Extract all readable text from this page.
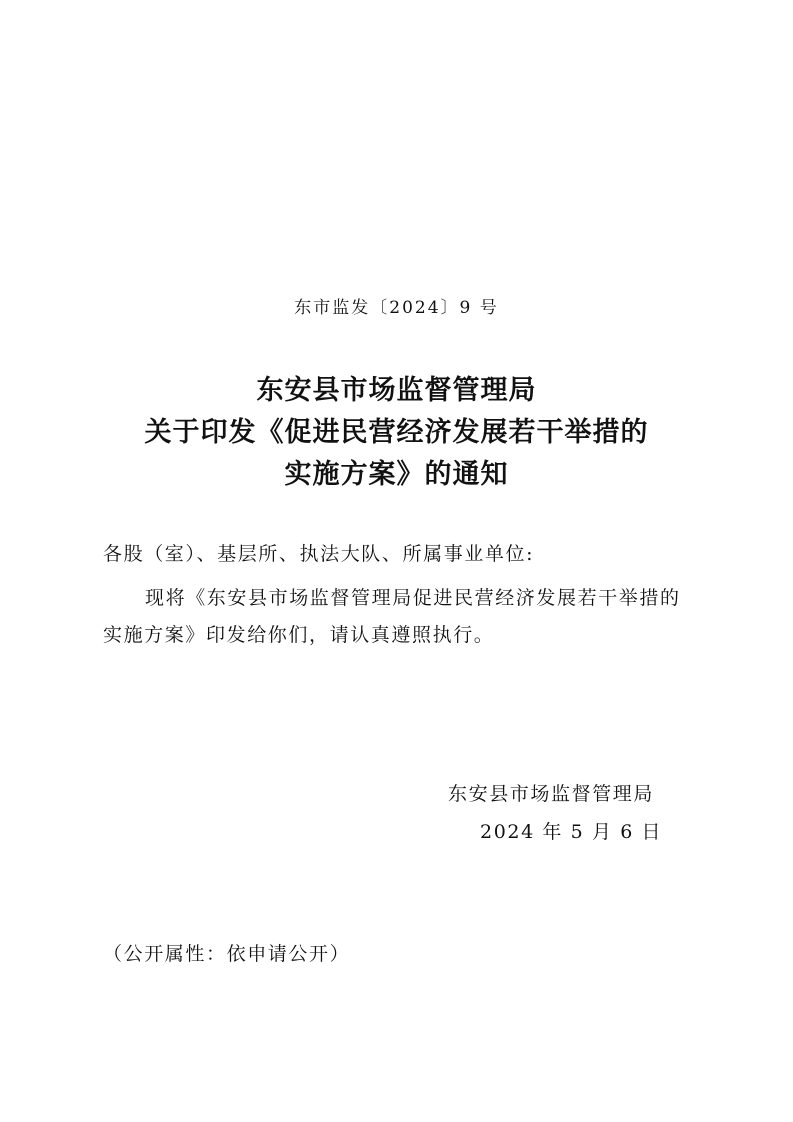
东市监发〔2024〕9 号
东安县市场监督管理局
关于印发《促进民营经济发展若干举措的
实施方案》的通知
各股（室）、基层所、执法大队、所属事业单位:
现将《东安县市场监督管理局促进民营经济发展若干举措的
实施方案》印发给你们，请认真遵照执行。
东安县市场监督管理局
2024 年 5 月 6 日
（公开属性：依申请公开）
